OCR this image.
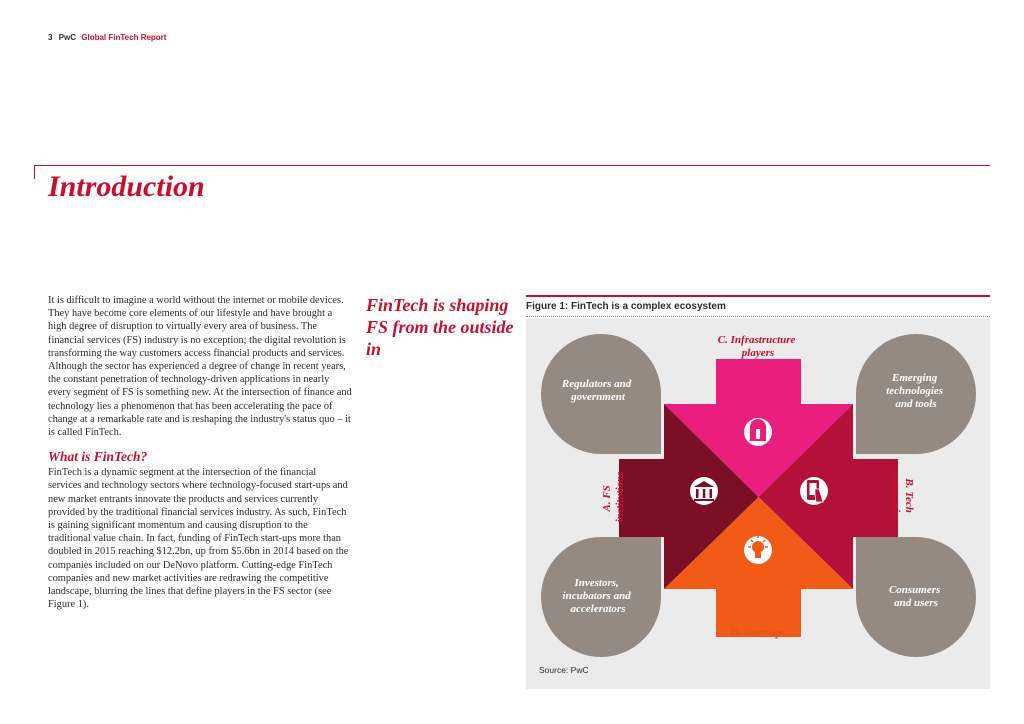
3 PwC Global FinTech Report
Introduction

It is difficult to imagine a world without the internet or mobile devices. They have become core elements of our lifestyle and have brought a high degree of disruption to virtually every area of business. The financial services (FS) industry is no exception; the digital revolution is transforming the way customers access financial products and services. Although the sector has experienced a degree of change in recent years, the constant penetration of technology-driven applications in nearly every segment of FS is something new. At the intersection of finance and technology lies a phenomenon that has been accelerating the pace of change at a remarkable rate and is reshaping the industry's status quo – it is called FinTech.

What is FinTech?

FinTech is a dynamic segment at the intersection of the financial services and technology sectors where technology-focused start-ups and new market entrants innovate the products and services currently provided by the traditional financial services industry. As such, FinTech is gaining significant momentum and causing disruption to the traditional value chain. In fact, funding of FinTech start-ups more than doubled in 2015 reaching $12.2bn, up from $5.6bn in 2014 based on the companies included on our DeNovo platform. Cutting-edge FinTech companies and new market activities are redrawing the competitive landscape, blurring the lines that define players in the FS sector (see Figure 1).

FinTech is shaping FS from the outside in
Figure 1: FinTech is a complex ecosystem
Regulators and government
Emerging technologies and tools
Investors, incubators and accelerators
Consumers and users
C. Infrastructure players
D. Start-ups
A. FS institutions	B. Tech companies
Source: PwC
